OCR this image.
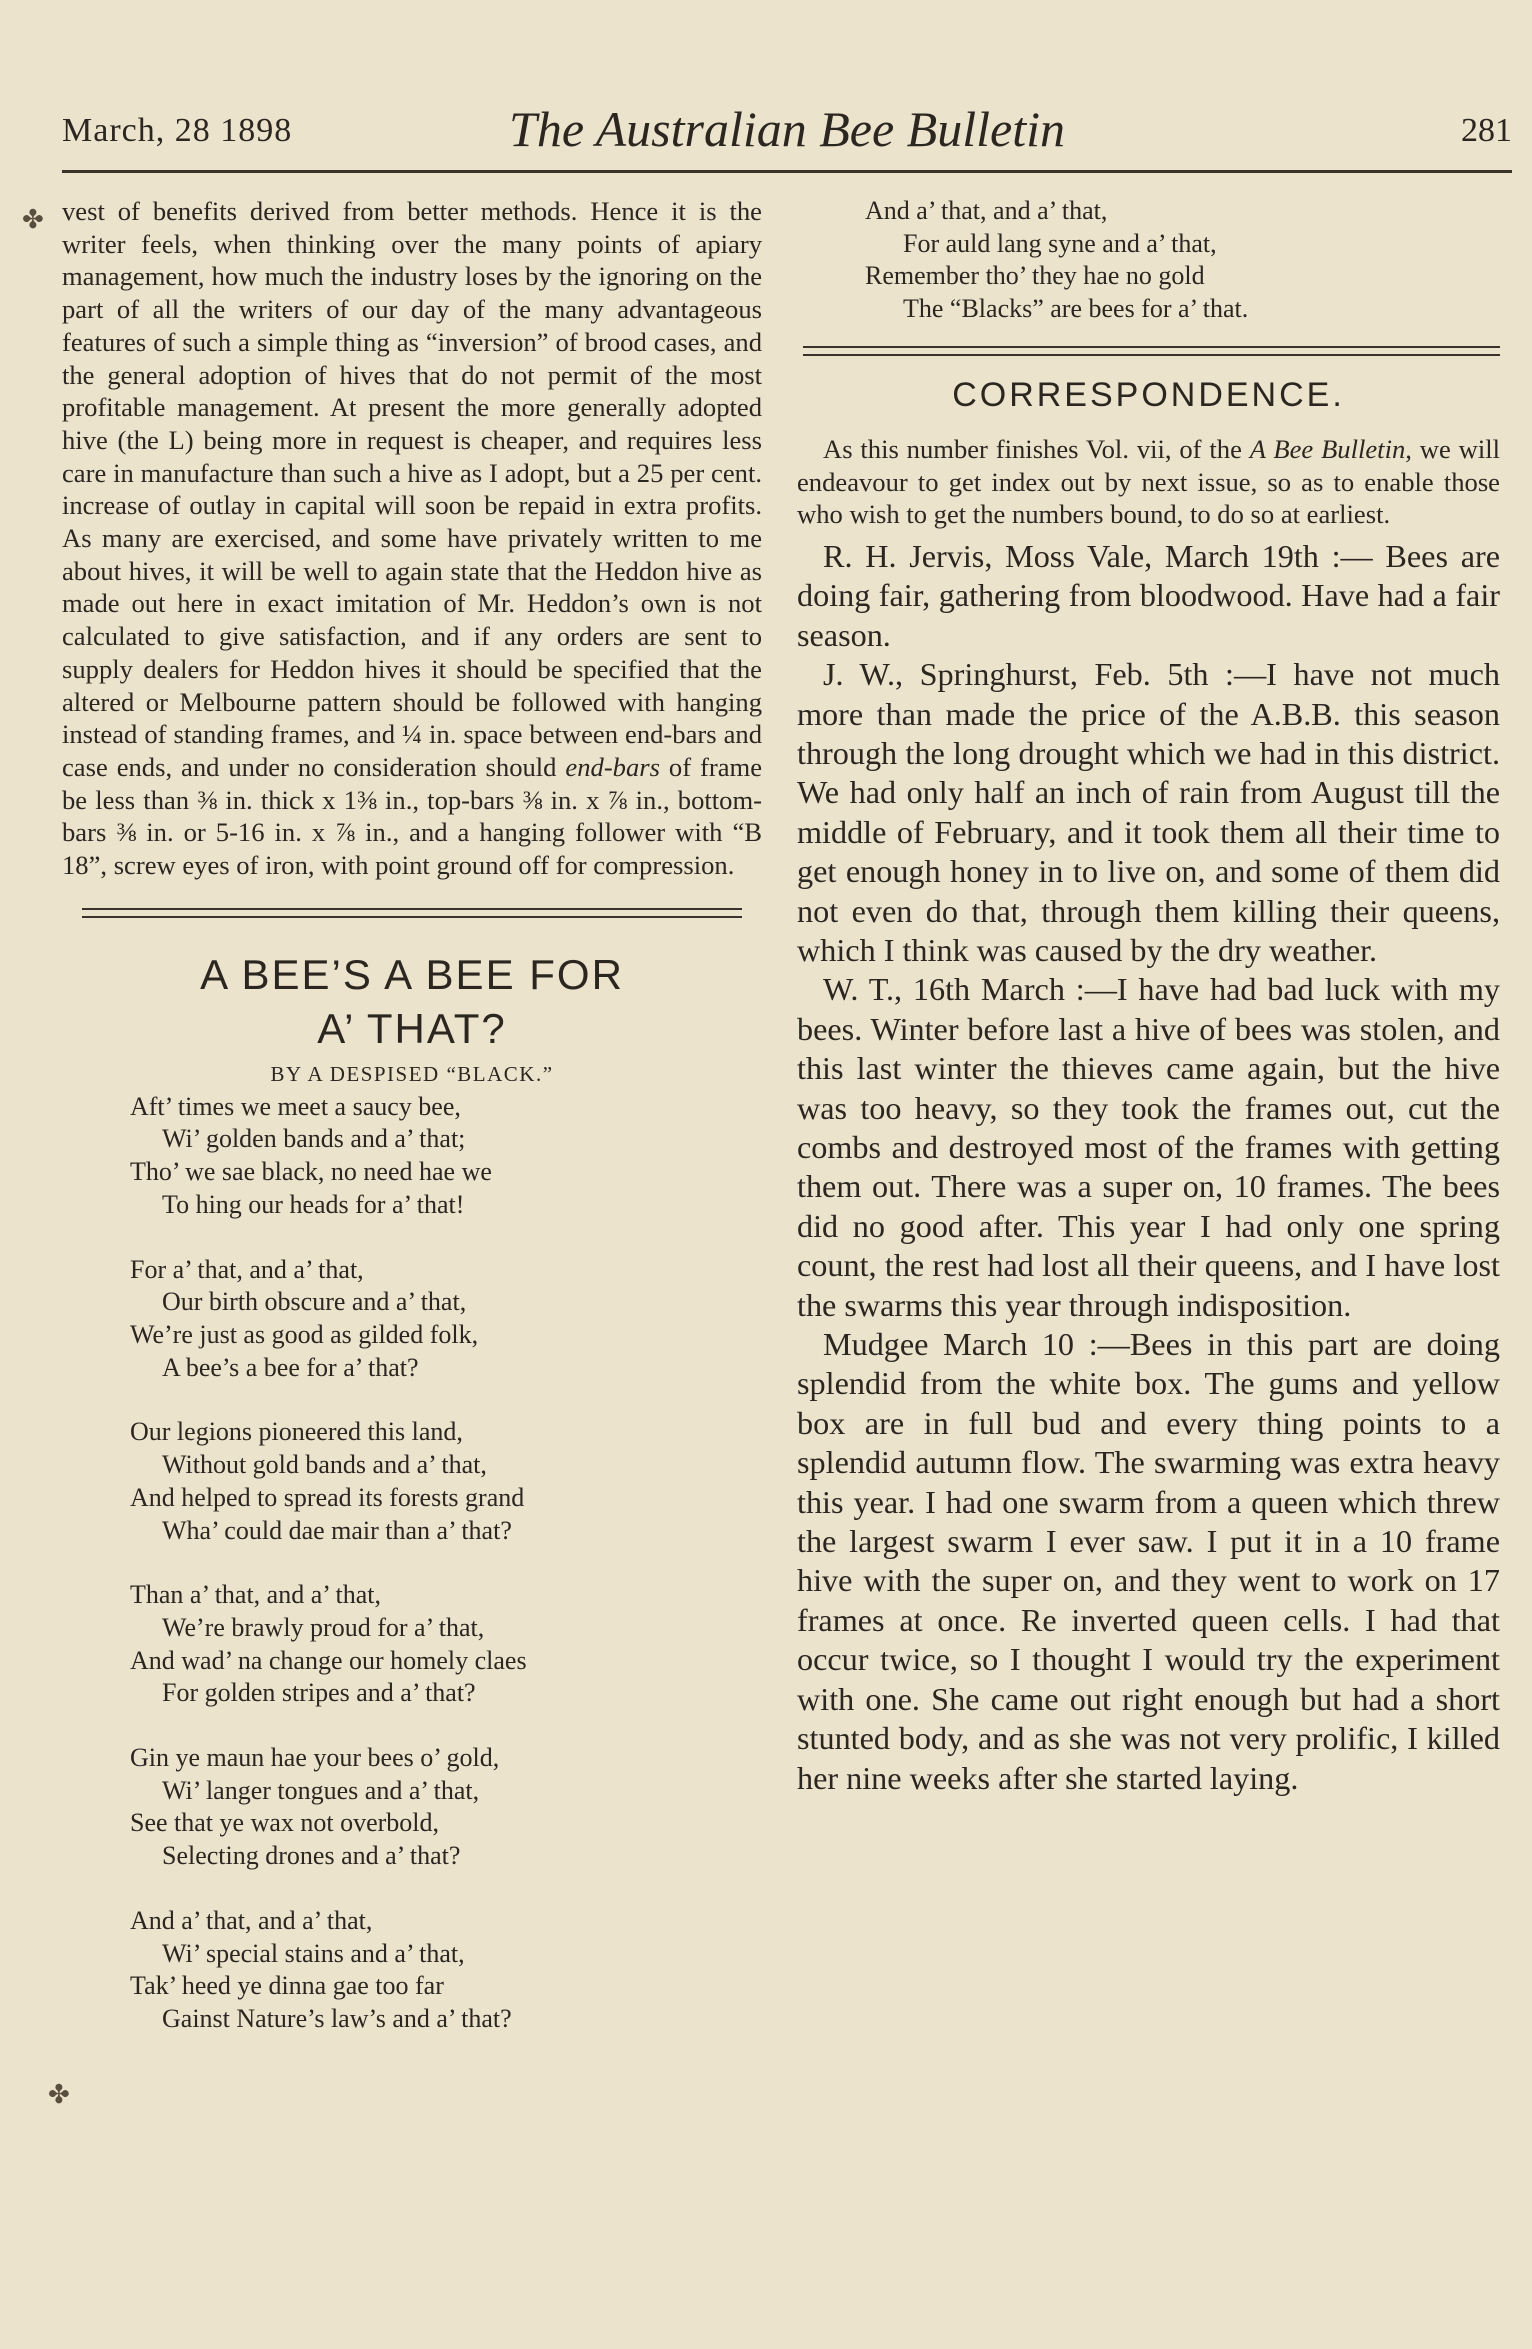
March, 28 1898	The Australian Bee Bulletin	281
✤ vest of benefits derived from better methods. Hence it is the writer feels, when thinking over the many points of apiary management, how much the industry loses by the ignoring on the part of all the writers of our day of the many advantageous features of such a simple thing as “inversion” of brood cases, and the general adoption of hives that do not permit of the most profitable management. At present the more generally adopted hive (the L) being more in request is cheaper, and requires less care in manufacture than such a hive as I adopt, but a 25 per cent. increase of outlay in capital will soon be repaid in extra profits. As many are exercised, and some have privately written to me about hives, it will be well to again state that the Heddon hive as made out here in exact imitation of Mr. Heddon’s own is not calculated to give satisfaction, and if any orders are sent to supply dealers for Heddon hives it should be specified that the altered or Melbourne pattern should be followed with hanging instead of standing frames, and ¼ in. space between end-bars and case ends, and under no consideration should end-bars of frame be less than ⅜ in. thick x 1⅜ in., top-bars ⅜ in. x ⅞ in., bottom-bars ⅜ in. or 5-16 in. x ⅞ in., and a hanging follower with “B 18”, screw eyes of iron, with point ground off for compression.

A BEE’S A BEE FOR
A’ THAT?
BY A DESPISED “BLACK.”
Aft’ times we meet a saucy bee,
Wi’ golden bands and a’ that;
Tho’ we sae black, no need hae we
To hing our heads for a’ that!
For a’ that, and a’ that,
Our birth obscure and a’ that,
We’re just as good as gilded folk,
A bee’s a bee for a’ that?
Our legions pioneered this land,
Without gold bands and a’ that,
And helped to spread its forests grand
Wha’ could dae mair than a’ that?
Than a’ that, and a’ that,
We’re brawly proud for a’ that,
And wad’ na change our homely claes
For golden stripes and a’ that?
Gin ye maun hae your bees o’ gold,
Wi’ langer tongues and a’ that,
See that ye wax not overbold,
Selecting drones and a’ that?
And a’ that, and a’ that,
Wi’ special stains and a’ that,
Tak’ heed ye dinna gae too far
Gainst Nature’s law’s and a’ that?
✤
And a’ that, and a’ that,
For auld lang syne and a’ that,
Remember tho’ they hae no gold
The “Blacks” are bees for a’ that.
CORRESPONDENCE.

As this number finishes Vol. vii, of the A Bee Bulletin, we will endeavour to get index out by next issue, so as to enable those who wish to get the numbers bound, to do so at earliest.

R. H. Jervis, Moss Vale, March 19th :— Bees are doing fair, gathering from bloodwood. Have had a fair season.

J. W., Springhurst, Feb. 5th :—I have not much more than made the price of the A.B.B. this season through the long drought which we had in this district. We had only half an inch of rain from August till the middle of February, and it took them all their time to get enough honey in to live on, and some of them did not even do that, through them killing their queens, which I think was caused by the dry weather.

W. T., 16th March :—I have had bad luck with my bees. Winter before last a hive of bees was stolen, and this last winter the thieves came again, but the hive was too heavy, so they took the frames out, cut the combs and destroyed most of the frames with getting them out. There was a super on, 10 frames. The bees did no good after. This year I had only one spring count, the rest had lost all their queens, and I have lost the swarms this year through indisposition.

Mudgee March 10 :—Bees in this part are doing splendid from the white box. The gums and yellow box are in full bud and every thing points to a splendid autumn flow. The swarming was extra heavy this year. I had one swarm from a queen which threw the largest swarm I ever saw. I put it in a 10 frame hive with the super on, and they went to work on 17 frames at once. Re inverted queen cells. I had that occur twice, so I thought I would try the experiment with one. She came out right enough but had a short stunted body, and as she was not very prolific, I killed her nine weeks after she started laying.
